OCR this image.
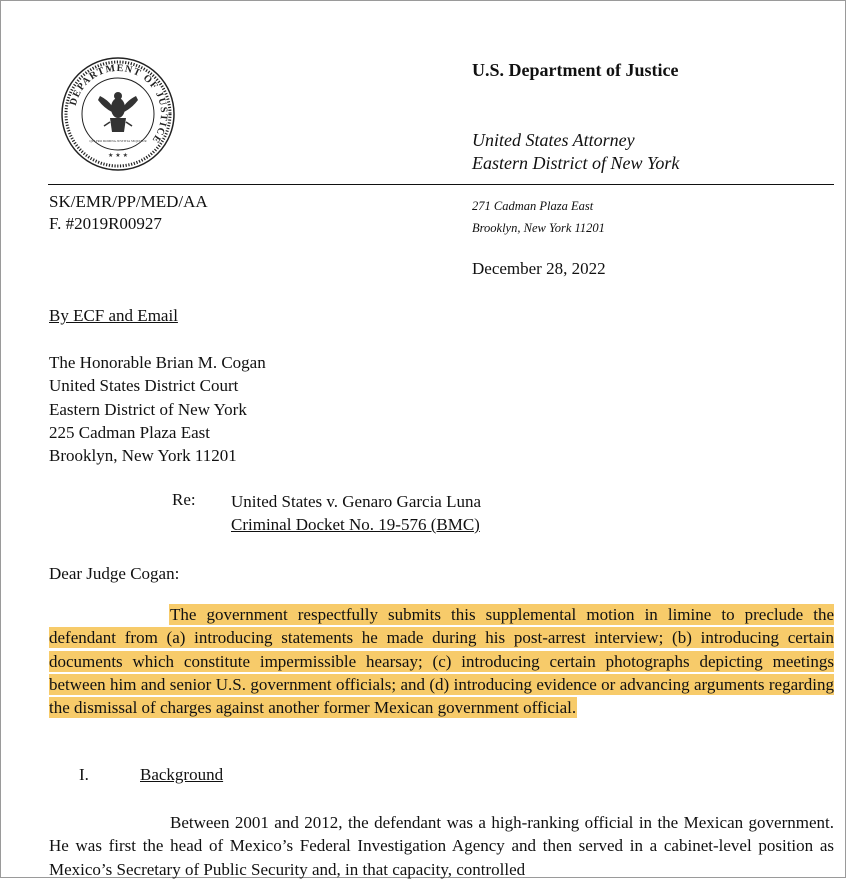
DEPARTMENT OF JUSTICE
QUI PRO DOMINA JUSTITIA SEQUITUR
★ ★ ★
U.S. Department of Justice
United States Attorney
Eastern District of New York
SK/EMR/PP/MED/AA
F. #2019R00927
271 Cadman Plaza East
Brooklyn, New York 11201
December 28, 2022
By ECF and Email
The Honorable Brian M. Cogan
United States District Court
Eastern District of New York
225 Cadman Plaza East
Brooklyn, New York 11201
Re: United States v. Genaro Garcia Luna
Criminal Docket No. 19-576 (BMC)
Dear Judge Cogan:
The government respectfully submits this supplemental motion in limine to preclude the defendant from (a) introducing statements he made during his post-arrest interview; (b) introducing certain documents which constitute impermissible hearsay; (c) introducing certain photographs depicting meetings between him and senior U.S. government officials; and (d) introducing evidence or advancing arguments regarding the dismissal of charges against another former Mexican government official.
I.	Background
Between 2001 and 2012, the defendant was a high-ranking official in the Mexican government. He was first the head of Mexico’s Federal Investigation Agency and then served in a cabinet-level position as Mexico’s Secretary of Public Security and, in that capacity, controlled
